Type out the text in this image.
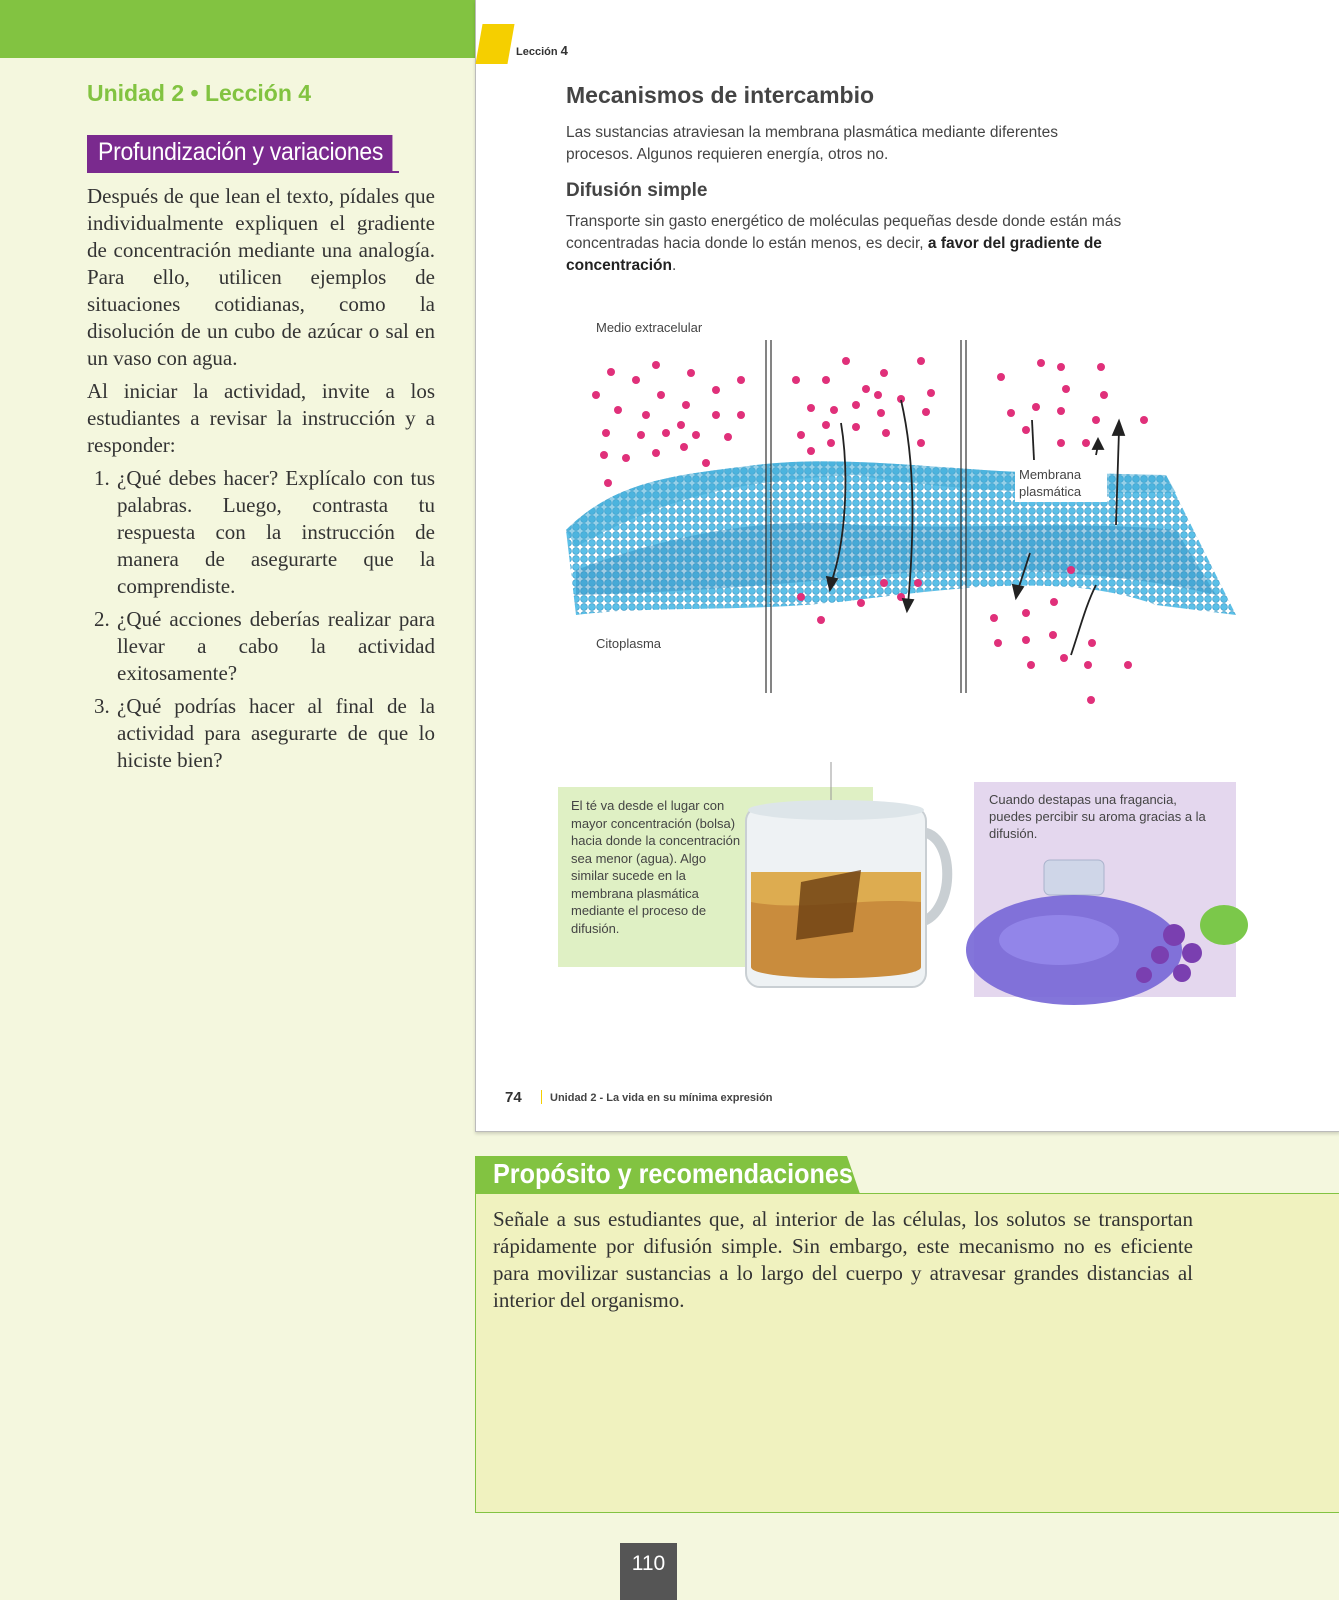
Unidad 2 • Lección 4
Profundización y variaciones

Después de que lean el texto, pídales que individualmente expliquen el gradiente de concentración mediante una analogía. Para ello, utilicen ejemplos de situaciones cotidianas, como la disolución de un cubo de azúcar o sal en un vaso con agua.

Al iniciar la actividad, invite a los estudiantes a revisar la instrucción y a responder:

1. ¿Qué debes hacer? Explícalo con tus palabras. Luego, contrasta tu respuesta con la instrucción de manera de asegurarte que la comprendiste.
2. ¿Qué acciones deberías realizar para llevar a cabo la actividad exitosamente?
3. ¿Qué podrías hacer al final de la actividad para asegurarte de que lo hiciste bien?
Lección 4
Mecanismos de intercambio

Las sustancias atraviesan la membrana plasmática mediante diferentes procesos. Algunos requieren energía, otros no.

Difusión simple

Transporte sin gasto energético de moléculas pequeñas desde donde están más concentradas hacia donde lo están menos, es decir, a favor del gradiente de concentración.

Medio extracelular
Citoplasma
Membrana plasmática

El té va desde el lugar con mayor concentración (bolsa) hacia donde la concentración sea menor (agua). Algo similar sucede en la membrana plasmática mediante el proceso de difusión.

Cuando destapas una fragancia, puedes percibir su aroma gracias a la difusión.

74	Unidad 2 - La vida en su mínima expresión
Propósito y recomendaciones

Señale a sus estudiantes que, al interior de las células, los solutos se transportan rápidamente por difusión simple. Sin embargo, este mecanismo no es eficiente para movilizar sustancias a lo largo del cuerpo y atravesar grandes distancias al interior del organismo.

110
